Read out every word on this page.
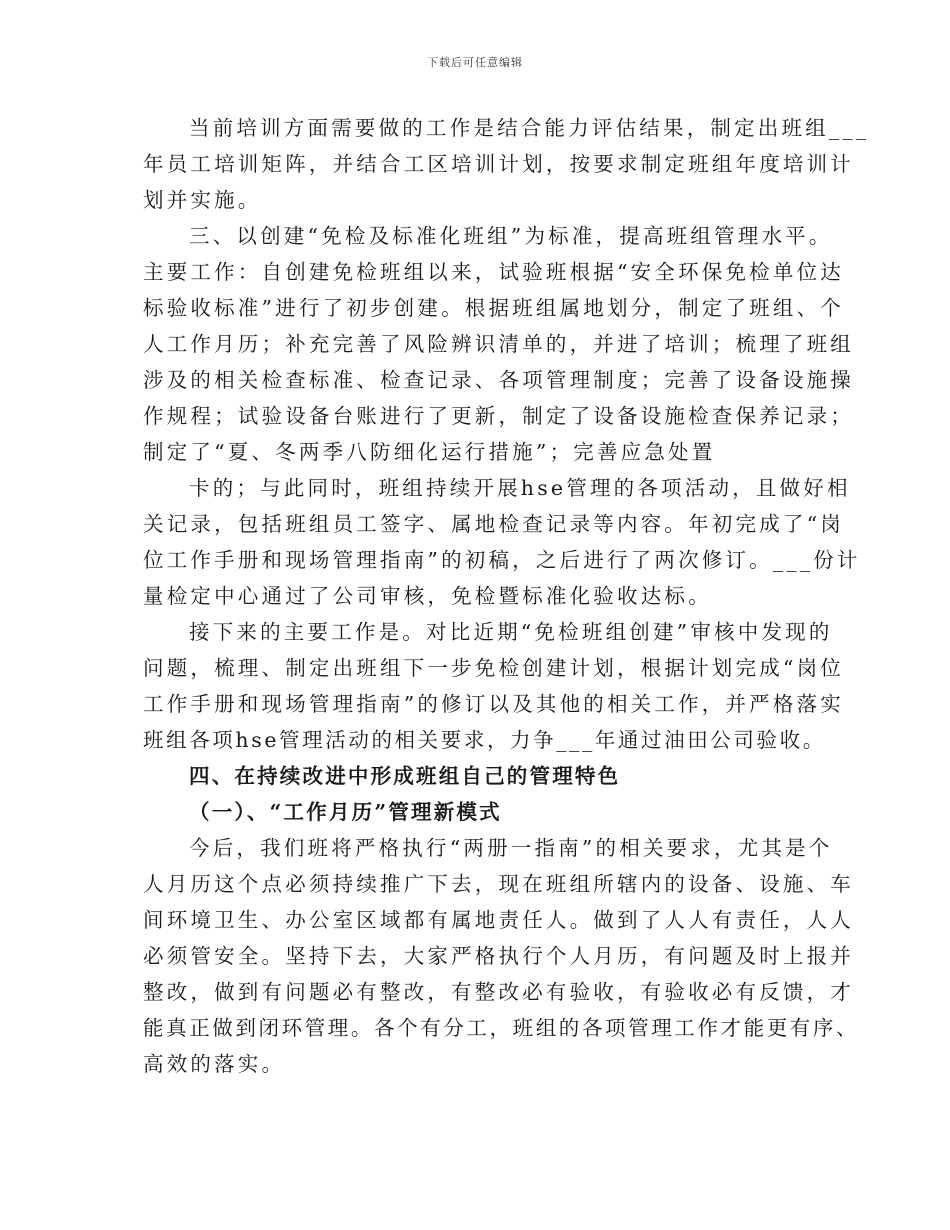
下载后可任意编辑
当前培训方面需要做的工作是结合能力评估结果，制定出班组___
年员工培训矩阵，并结合工区培训计划，按要求制定班组年度培训计
划并实施。
三、以创建“免检及标准化班组”为标准，提高班组管理水平。
主要工作：自创建免检班组以来，试验班根据“安全环保免检单位达
标验收标准”进行了初步创建。根据班组属地划分，制定了班组、个
人工作月历；补充完善了风险辨识清单的，并进了培训；梳理了班组
涉及的相关检查标准、检查记录、各项管理制度；完善了设备设施操
作规程；试验设备台账进行了更新，制定了设备设施检查保养记录；
制定了“夏、冬两季八防细化运行措施”；完善应急处置
卡的；与此同时，班组持续开展hse管理的各项活动，且做好相
关记录，包括班组员工签字、属地检查记录等内容。年初完成了“岗
位工作手册和现场管理指南”的初稿，之后进行了两次修订。___份计
量检定中心通过了公司审核，免检暨标准化验收达标。
接下来的主要工作是。对比近期“免检班组创建”审核中发现的
问题，梳理、制定出班组下一步免检创建计划，根据计划完成“岗位
工作手册和现场管理指南”的修订以及其他的相关工作，并严格落实
班组各项hse管理活动的相关要求，力争___年通过油田公司验收。
四、在持续改进中形成班组自己的管理特色
（一）、“工作月历”管理新模式
今后，我们班将严格执行“两册一指南”的相关要求，尤其是个
人月历这个点必须持续推广下去，现在班组所辖内的设备、设施、车
间环境卫生、办公室区域都有属地责任人。做到了人人有责任，人人
必须管安全。坚持下去，大家严格执行个人月历，有问题及时上报并
整改，做到有问题必有整改，有整改必有验收，有验收必有反馈，才
能真正做到闭环管理。各个有分工，班组的各项管理工作才能更有序、
高效的落实。
